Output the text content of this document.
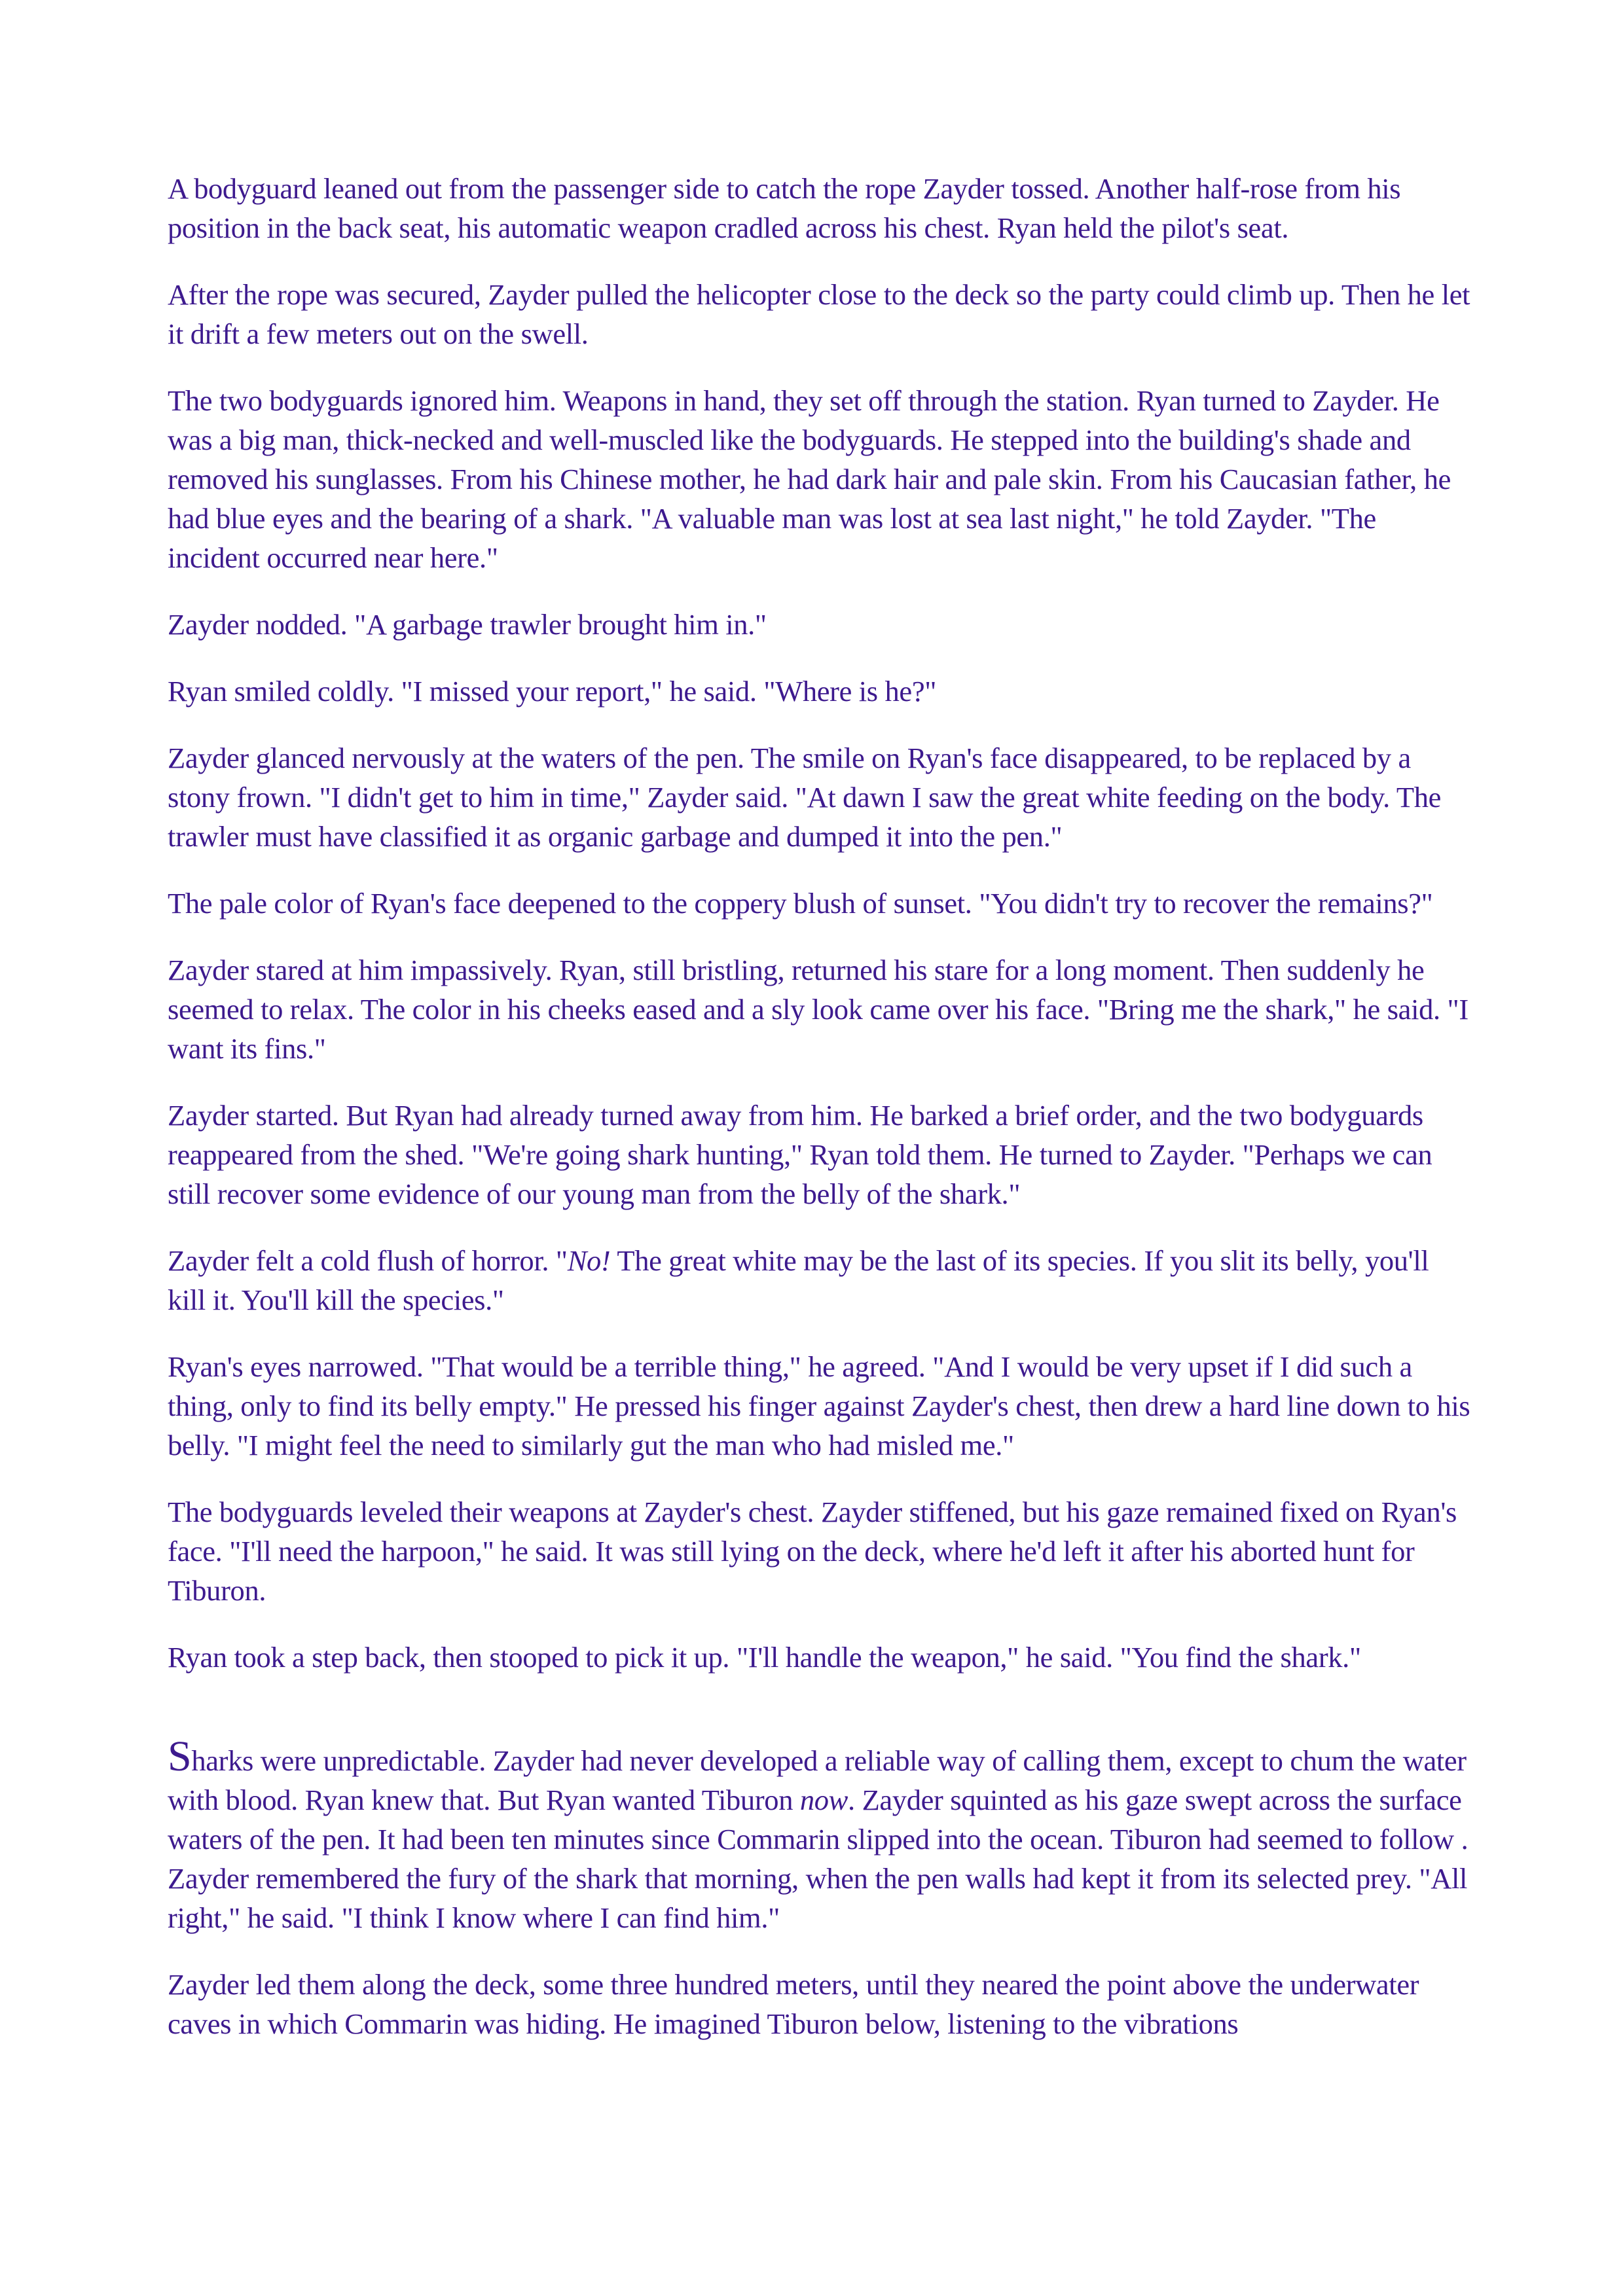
A bodyguard leaned out from the passenger side to catch the rope Zayder tossed. Another half-rose from his position in the back seat, his automatic weapon cradled across his chest. Ryan held the pilot's seat.

After the rope was secured, Zayder pulled the helicopter close to the deck so the party could climb up. Then he let it drift a few meters out on the swell.

The two bodyguards ignored him. Weapons in hand, they set off through the station. Ryan turned to Zayder. He was a big man, thick-necked and well-muscled like the bodyguards. He stepped into the building's shade and removed his sunglasses. From his Chinese mother, he had dark hair and pale skin. From his Caucasian father, he had blue eyes and the bearing of a shark. "A valuable man was lost at sea last night," he told Zayder. "The incident occurred near here."

Zayder nodded. "A garbage trawler brought him in."

Ryan smiled coldly. "I missed your report," he said. "Where is he?"

Zayder glanced nervously at the waters of the pen. The smile on Ryan's face disappeared, to be replaced by a stony frown. "I didn't get to him in time," Zayder said. "At dawn I saw the great white feeding on the body. The trawler must have classified it as organic garbage and dumped it into the pen."

The pale color of Ryan's face deepened to the coppery blush of sunset. "You didn't try to recover the remains?"

Zayder stared at him impassively. Ryan, still bristling, returned his stare for a long moment. Then suddenly he seemed to relax. The color in his cheeks eased and a sly look came over his face. "Bring me the shark," he said. "I want its fins."

Zayder started. But Ryan had already turned away from him. He barked a brief order, and the two bodyguards reappeared from the shed. "We're going shark hunting," Ryan told them. He turned to Zayder. "Perhaps we can still recover some evidence of our young man from the belly of the shark."

Zayder felt a cold flush of horror. "No! The great white may be the last of its species. If you slit its belly, you'll kill it. You'll kill the species."

Ryan's eyes narrowed. "That would be a terrible thing," he agreed. "And I would be very upset if I did such a thing, only to find its belly empty." He pressed his finger against Zayder's chest, then drew a hard line down to his belly. "I might feel the need to similarly gut the man who had misled me."

The bodyguards leveled their weapons at Zayder's chest. Zayder stiffened, but his gaze remained fixed on Ryan's face. "I'll need the harpoon," he said. It was still lying on the deck, where he'd left it after his aborted hunt for Tiburon.

Ryan took a step back, then stooped to pick it up. "I'll handle the weapon," he said. "You find the shark."

Sharks were unpredictable. Zayder had never developed a reliable way of calling them, except to chum the water with blood. Ryan knew that. But Ryan wanted Tiburon now. Zayder squinted as his gaze swept across the surface waters of the pen. It had been ten minutes since Commarin slipped into the ocean. Tiburon had seemed to follow . Zayder remembered the fury of the shark that morning, when the pen walls had kept it from its selected prey. "All right," he said. "I think I know where I can find him."

Zayder led them along the deck, some three hundred meters, until they neared the point above the underwater caves in which Commarin was hiding. He imagined Tiburon below, listening to the vibrations
